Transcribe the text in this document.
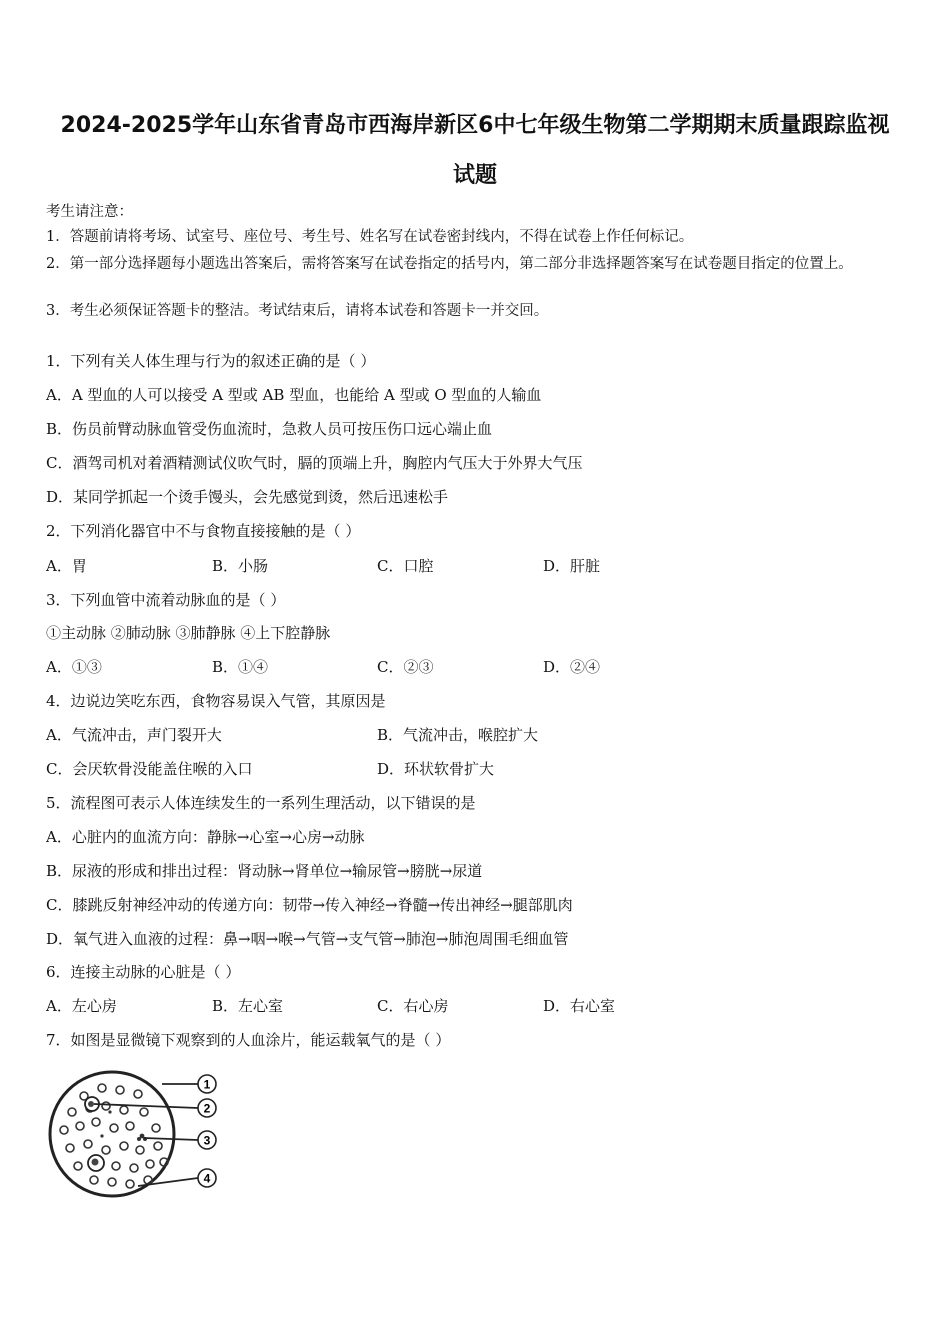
2024-2025学年山东省青岛市西海岸新区6中七年级生物第二学期期末质量跟踪监视
试题
考生请注意：
1．答题前请将考场、试室号、座位号、考生号、姓名写在试卷密封线内，不得在试卷上作任何标记。
2．第一部分选择题每小题选出答案后，需将答案写在试卷指定的括号内，第二部分非选择题答案写在试卷题目指定的位置上。
3．考生必须保证答题卡的整洁。考试结束后，请将本试卷和答题卡一并交回。
1．下列有关人体生理与行为的叙述正确的是（ ）
A．A 型血的人可以接受 A 型或 AB 型血，也能给 A 型或 O 型血的人输血
B．伤员前臂动脉血管受伤血流时，急救人员可按压伤口远心端止血
C．酒驾司机对着酒精测试仪吹气时，膈的顶端上升，胸腔内气压大于外界大气压
D．某同学抓起一个烫手馒头，会先感觉到烫，然后迅速松手
2．下列消化器官中不与食物直接接触的是（ ）
A．胃	B．小肠	C．口腔	D．肝脏
3．下列血管中流着动脉血的是（ ）
①主动脉 ②肺动脉 ③肺静脉 ④上下腔静脉
A．①③	B．①④	C．②③	D．②④
4．边说边笑吃东西，食物容易误入气管，其原因是
A．气流冲击，声门裂开大	B．气流冲击，喉腔扩大
C．会厌软骨没能盖住喉的入口	D．环状软骨扩大
5．流程图可表示人体连续发生的一系列生理活动，以下错误的是
A．心脏内的血流方向：静脉→心室→心房→动脉
B．尿液的形成和排出过程：肾动脉→肾单位→输尿管→膀胱→尿道
C．膝跳反射神经冲动的传递方向：韧带→传入神经→脊髓→传出神经→腿部肌肉
D．氧气进入血液的过程：鼻→咽→喉→气管→支气管→肺泡→肺泡周围毛细血管
6．连接主动脉的心脏是（ ）
A．左心房	B．左心室	C．右心房	D．右心室
7．如图是显微镜下观察到的人血涂片，能运载氧气的是（ ）
1
2
3
4
